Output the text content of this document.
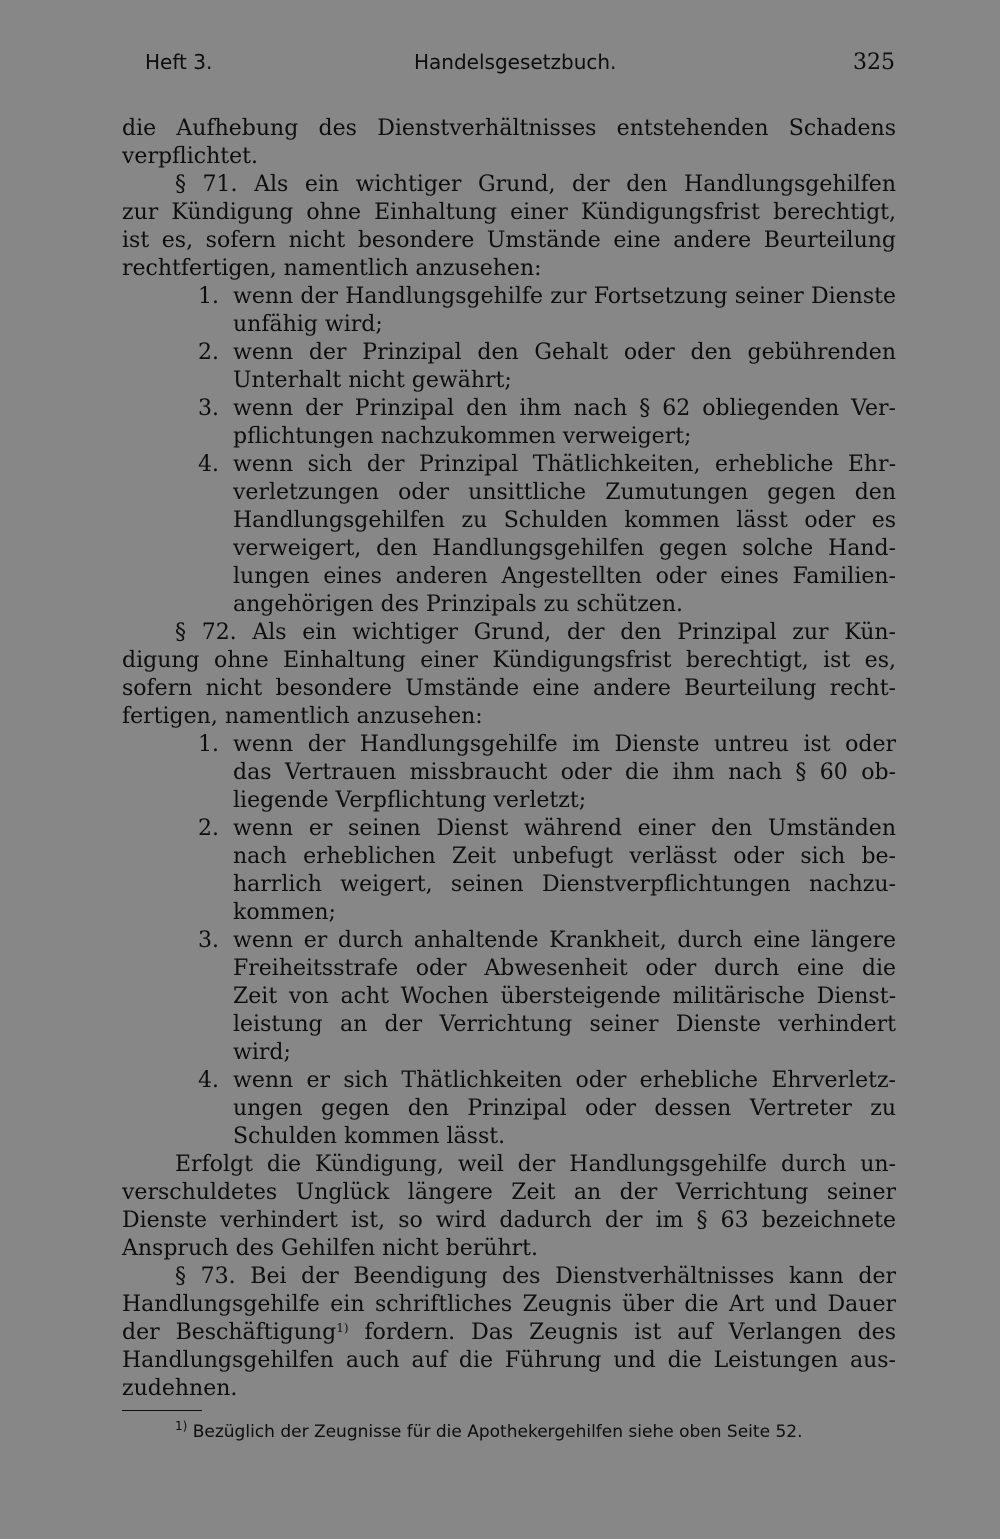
Heft 3.	Handelsgesetzbuch.	325
die Aufhebung des Dienstverhältnisses entstehenden Schadens
verpflichtet.
§ 71. Als ein wichtiger Grund, der den Handlungsgehilfen
zur Kündigung ohne Einhaltung einer Kündigungsfrist berechtigt,
ist es, sofern nicht besondere Umstände eine andere Beurteilung
rechtfertigen, namentlich anzusehen:
1. wenn der Handlungsgehilfe zur Fortsetzung seiner Dienste
unfähig wird;
2. wenn der Prinzipal den Gehalt oder den gebührenden
Unterhalt nicht gewährt;
3. wenn der Prinzipal den ihm nach § 62 obliegenden Ver-
pflichtungen nachzukommen verweigert;
4. wenn sich der Prinzipal Thätlichkeiten, erhebliche Ehr-
verletzungen oder unsittliche Zumutungen gegen den
Handlungsgehilfen zu Schulden kommen lässt oder es
verweigert, den Handlungsgehilfen gegen solche Hand-
lungen eines anderen Angestellten oder eines Familien-
angehörigen des Prinzipals zu schützen.
§ 72. Als ein wichtiger Grund, der den Prinzipal zur Kün-
digung ohne Einhaltung einer Kündigungsfrist berechtigt, ist es,
sofern nicht besondere Umstände eine andere Beurteilung recht-
fertigen, namentlich anzusehen:
1. wenn der Handlungsgehilfe im Dienste untreu ist oder
das Vertrauen missbraucht oder die ihm nach § 60 ob-
liegende Verpflichtung verletzt;
2. wenn er seinen Dienst während einer den Umständen
nach erheblichen Zeit unbefugt verlässt oder sich be-
harrlich weigert, seinen Dienstverpflichtungen nachzu-
kommen;
3. wenn er durch anhaltende Krankheit, durch eine längere
Freiheitsstrafe oder Abwesenheit oder durch eine die
Zeit von acht Wochen übersteigende militärische Dienst-
leistung an der Verrichtung seiner Dienste verhindert
wird;
4. wenn er sich Thätlichkeiten oder erhebliche Ehrverletz-
ungen gegen den Prinzipal oder dessen Vertreter zu
Schulden kommen lässt.
Erfolgt die Kündigung, weil der Handlungsgehilfe durch un-
verschuldetes Unglück längere Zeit an der Verrichtung seiner
Dienste verhindert ist, so wird dadurch der im § 63 bezeichnete
Anspruch des Gehilfen nicht berührt.
§ 73. Bei der Beendigung des Dienstverhältnisses kann der
Handlungsgehilfe ein schriftliches Zeugnis über die Art und Dauer
der Beschäftigung$^{1)}$ fordern. Das Zeugnis ist auf Verlangen des
Handlungsgehilfen auch auf die Führung und die Leistungen aus-
zudehnen.
$^{1)}$ Bezüglich der Zeugnisse für die Apothekergehilfen siehe oben Seite 52.
